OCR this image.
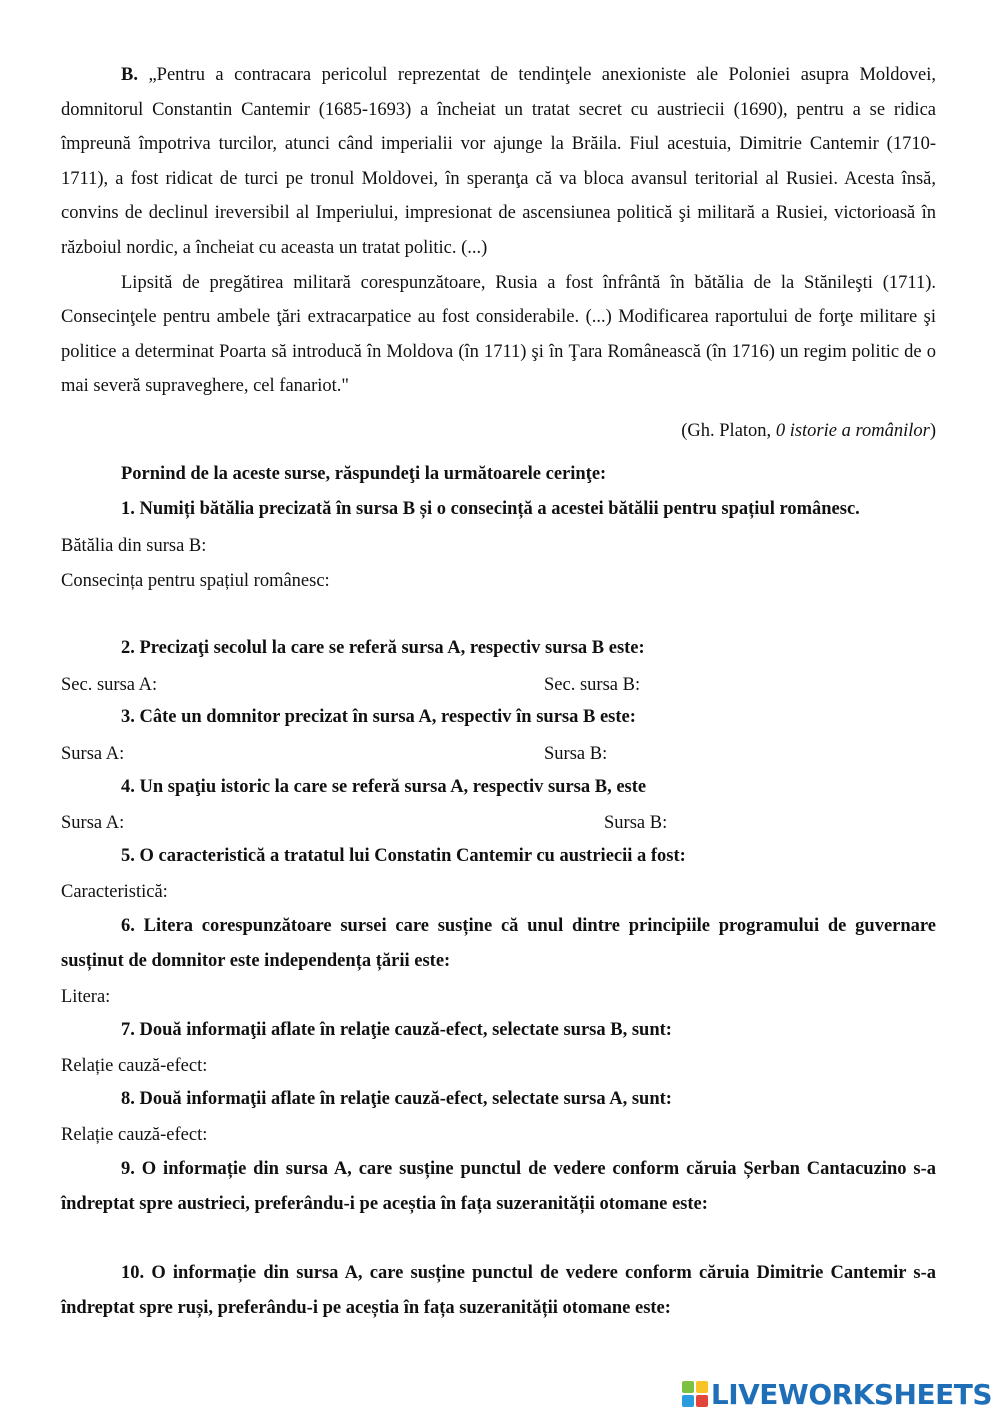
B. „Pentru a contracara pericolul reprezentat de tendinţele anexioniste ale Poloniei asupra Moldovei, domnitorul Constantin Cantemir (1685-1693) a încheiat un tratat secret cu austriecii (1690), pentru a se ridica împreună împotriva turcilor, atunci când imperialii vor ajunge la Brăila. Fiul acestuia, Dimitrie Cantemir (1710-1711), a fost ridicat de turci pe tronul Moldovei, în speranţa că va bloca avansul teritorial al Rusiei. Acesta însă, convins de declinul ireversibil al Imperiului, impresionat de ascensiunea politică şi militară a Rusiei, victorioasă în războiul nordic, a încheiat cu aceasta un tratat politic. (...)

Lipsită de pregătirea militară corespunzătoare, Rusia a fost înfrântă în bătălia de la Stănileşti (1711). Consecinţele pentru ambele ţări extracarpatice au fost considerabile. (...) Modificarea raportului de forţe militare şi politice a determinat Poarta să introducă în Moldova (în 1711) şi în Ţara Românească (în 1716) un regim politic de o mai severă supraveghere, cel fanariot."

(Gh. Platon, 0 istorie a românilor)
Pornind de la aceste surse, răspundeţi la următoarele cerinţe:
1. Numiți bătălia precizată în sursa B și o consecință a acestei bătălii pentru spațiul românesc.
Bătălia din sursa B:
Consecința pentru spațiul românesc:
2. Precizaţi secolul la care se referă sursa A, respectiv sursa B este:
Sec. sursa A:	Sec. sursa B:
3. Câte un domnitor precizat în sursa A, respectiv în sursa B este:
Sursa A:	Sursa B:
4. Un spaţiu istoric la care se referă sursa A, respectiv sursa B, este
Sursa A:	Sursa B:
5. O caracteristică a tratatul lui Constatin Cantemir cu austriecii a fost:
Caracteristică:
6. Litera corespunzătoare sursei care susține că unul dintre principiile programului de guvernare susținut de domnitor este independența țării este:
Litera:
7. Două informaţii aflate în relaţie cauză-efect, selectate sursa B, sunt:
Relație cauză-efect:
8. Două informaţii aflate în relaţie cauză-efect, selectate sursa A, sunt:
Relație cauză-efect:
9. O informație din sursa A, care susține punctul de vedere conform căruia Șerban Cantacuzino s-a îndreptat spre austrieci, preferându-i pe aceștia în fața suzeranității otomane este:
10. O informație din sursa A, care susține punctul de vedere conform căruia Dimitrie Cantemir s-a îndreptat spre ruși, preferându-i pe aceștia în fața suzeranității otomane este:
LIVEWORKSHEETS
